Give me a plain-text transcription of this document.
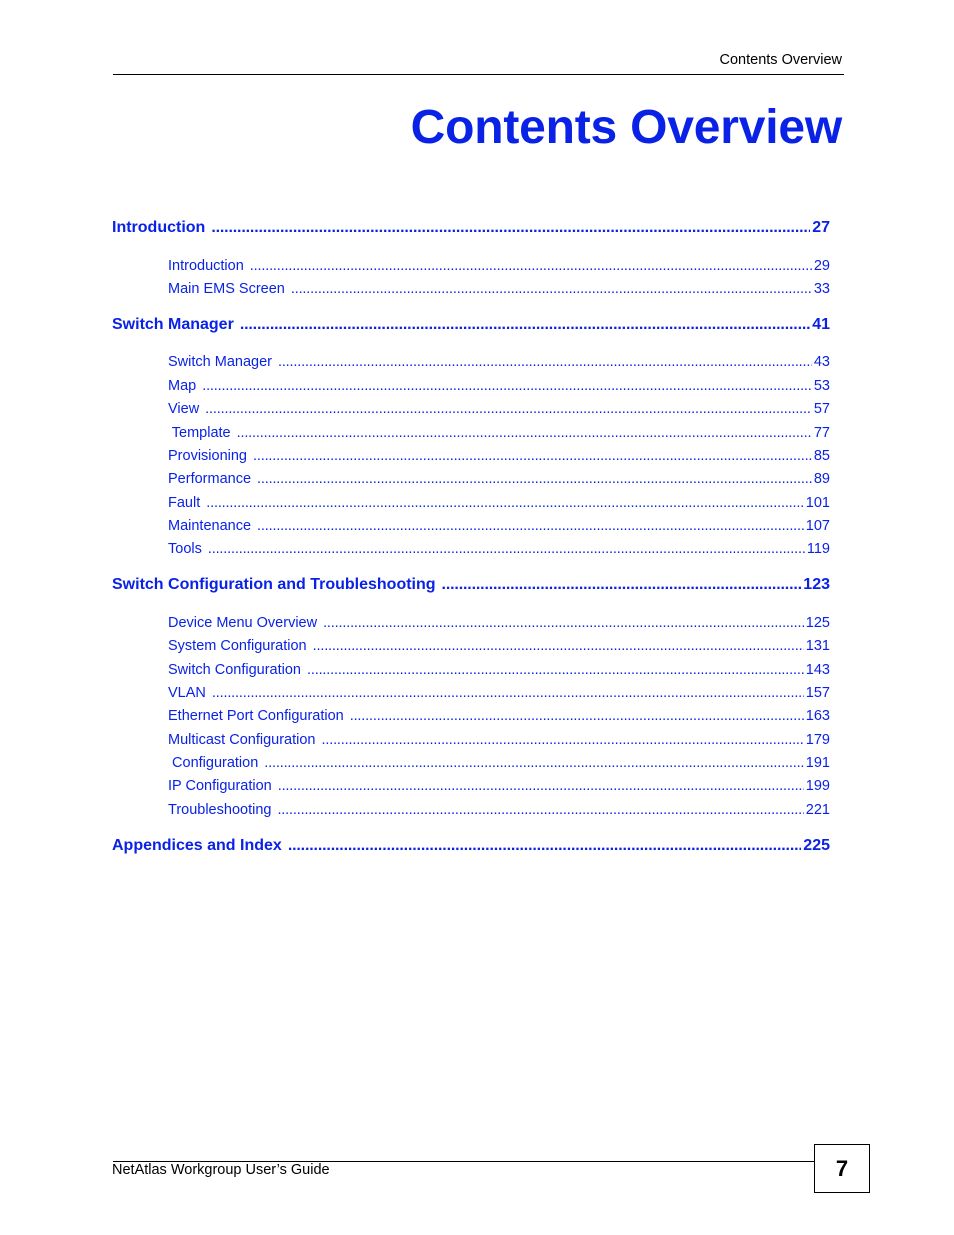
Contents Overview
Contents Overview
Introduction . . .	27
Introduction . . .	29
Main EMS Screen . . .	33
Switch Manager . . .	41
Switch Manager . . .	43
Map . . .	53
View . . .	57
Template . . .	77
Provisioning . . .	85
Performance . . .	89
Fault . . .	101
Maintenance . . .	107
Tools . . .	119
Switch Configuration and Troubleshooting . . .	123
Device Menu Overview . . .	125
System Configuration . . .	131
Switch Configuration . . .	143
VLAN . . .	157
Ethernet Port Configuration . . .	163
Multicast Configuration . . .	179
Configuration . . .	191
IP Configuration . . .	199
Troubleshooting . . .	221
Appendices and Index . . .	225
NetAtlas Workgroup User’s Guide	7
